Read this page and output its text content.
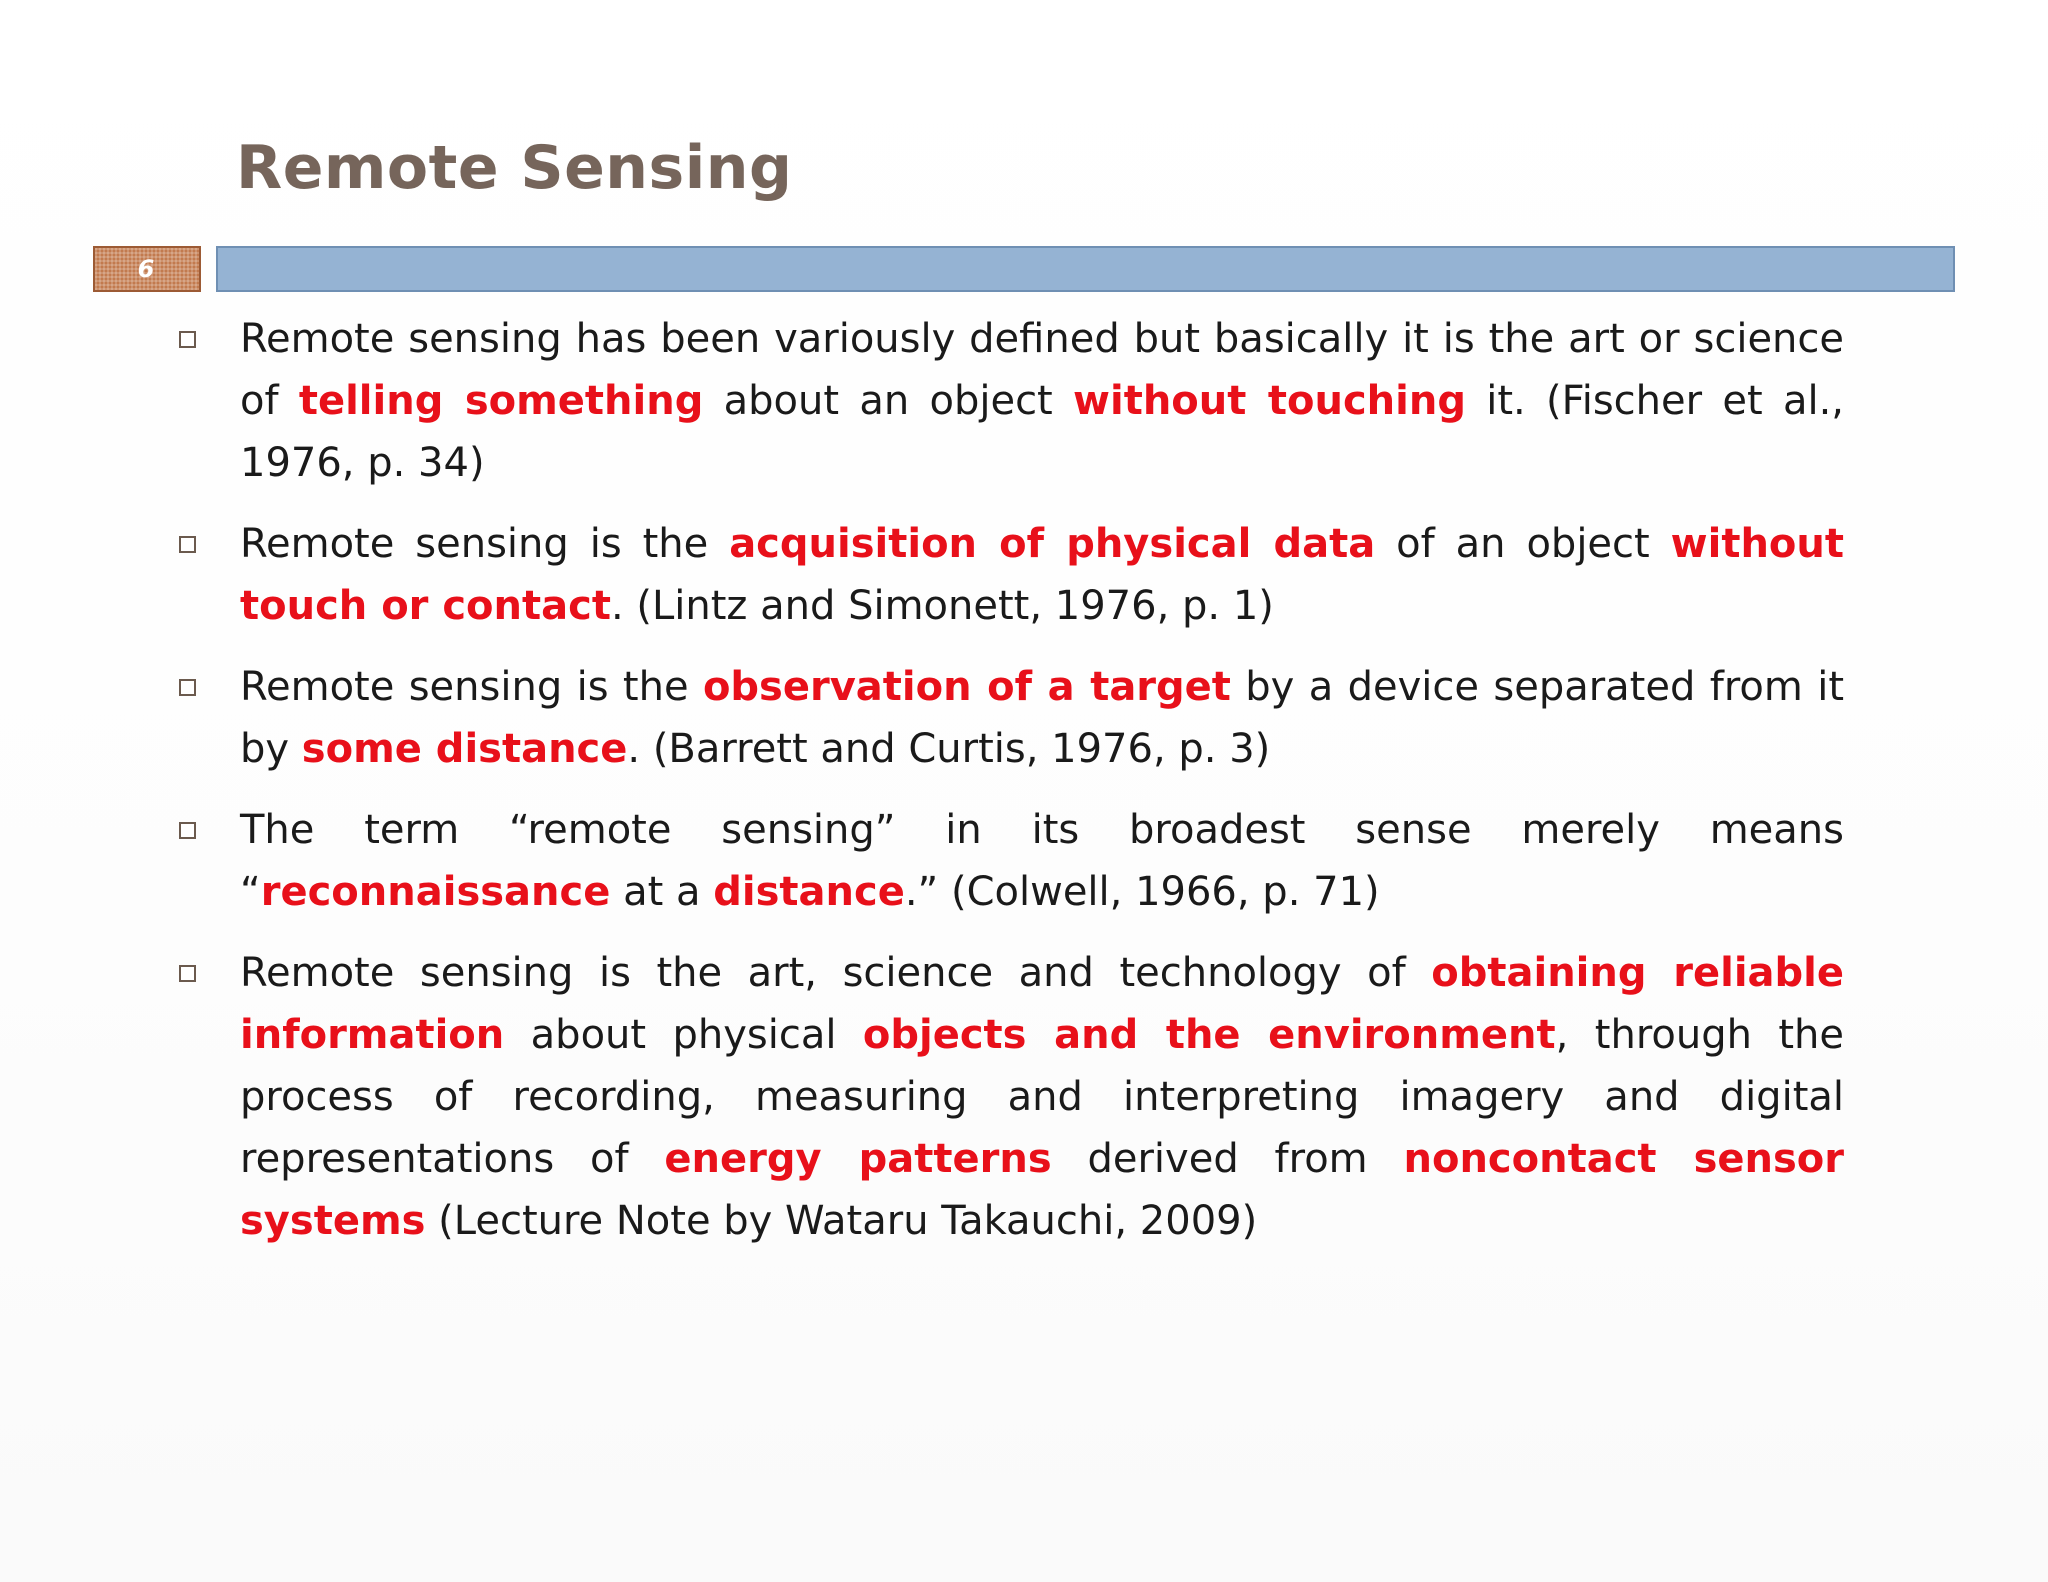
Remote Sensing
6

Remote sensing has been variously defined but basically it is the art or science of telling something about an object without touching it. (Fischer et al., 1976, p. 34)

Remote sensing is the acquisition of physical data of an object without touch or contact. (Lintz and Simonett, 1976, p. 1)

Remote sensing is the observation of a target by a device separated from it by some distance. (Barrett and Curtis, 1976, p. 3)

The term “remote sensing” in its broadest sense merely means “reconnaissance at a distance.” (Colwell, 1966, p. 71)

Remote sensing is the art, science and technology of obtaining reliable information about physical objects and the environment, through the process of recording, measuring and interpreting imagery and digital representations of energy patterns derived from noncontact sensor systems (Lecture Note by Wataru Takauchi, 2009)
